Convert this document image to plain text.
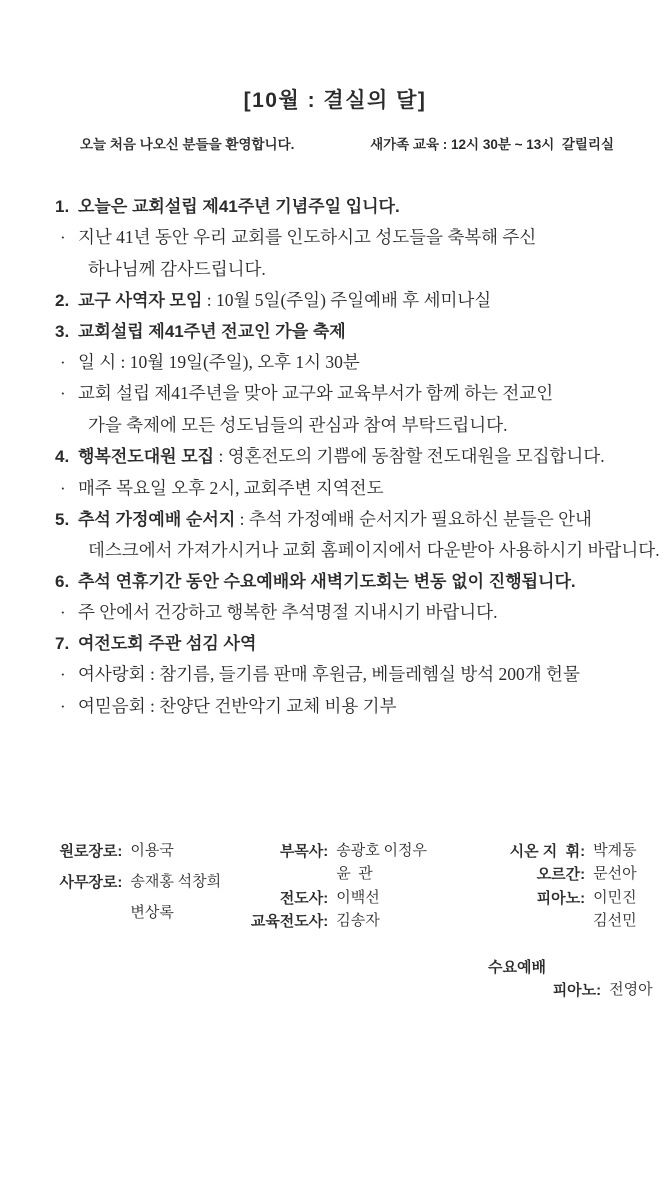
[10월 : 결실의 달]
오늘 처음 나오신 분들을 환영합니다.	새가족 교육 : 12시 30분 ~ 13시  갈릴리실
1. 오늘은 교회설립 제41주년 기념주일 입니다.
· 지난 41년 동안 우리 교회를 인도하시고 성도들을 축복해 주신
하나님께 감사드립니다.
2. 교구 사역자 모임 : 10월 5일(주일) 주일예배 후 세미나실
3. 교회설립 제41주년 전교인 가을 축제
· 일 시 : 10월 19일(주일), 오후 1시 30분
· 교회 설립 제41주년을 맞아 교구와 교육부서가 함께 하는 전교인
가을 축제에 모든 성도님들의 관심과 참여 부탁드립니다.
4. 행복전도대원 모집 : 영혼전도의 기쁨에 동참할 전도대원을 모집합니다.
· 매주 목요일 오후 2시, 교회주변 지역전도
5. 추석 가정예배 순서지 : 추석 가정예배 순서지가 필요하신 분들은 안내
데스크에서 가져가시거나 교회 홈페이지에서 다운받아 사용하시기 바랍니다.
6. 추석 연휴기간 동안 수요예배와 새벽기도회는 변동 없이 진행됩니다.
· 주 안에서 건강하고 행복한 추석명절 지내시기 바랍니다.
7. 여전도회 주관 섬김 사역
· 여사랑회 : 참기름, 들기름 판매 후원금, 베들레헴실 방석 200개 헌물
· 여믿음회 : 찬양단 건반악기 교체 비용 기부
원로장로:	이용국
사무장로:	송재홍 석창희
	변상록
부목사:	송광호 이정우
	윤  관
전도사:	이백선
교육전도사:	김송자
시온 지  휘:	박계동
오르간:	문선아
피아노:	이민진
	김선민
수요예배
피아노:	전영아
